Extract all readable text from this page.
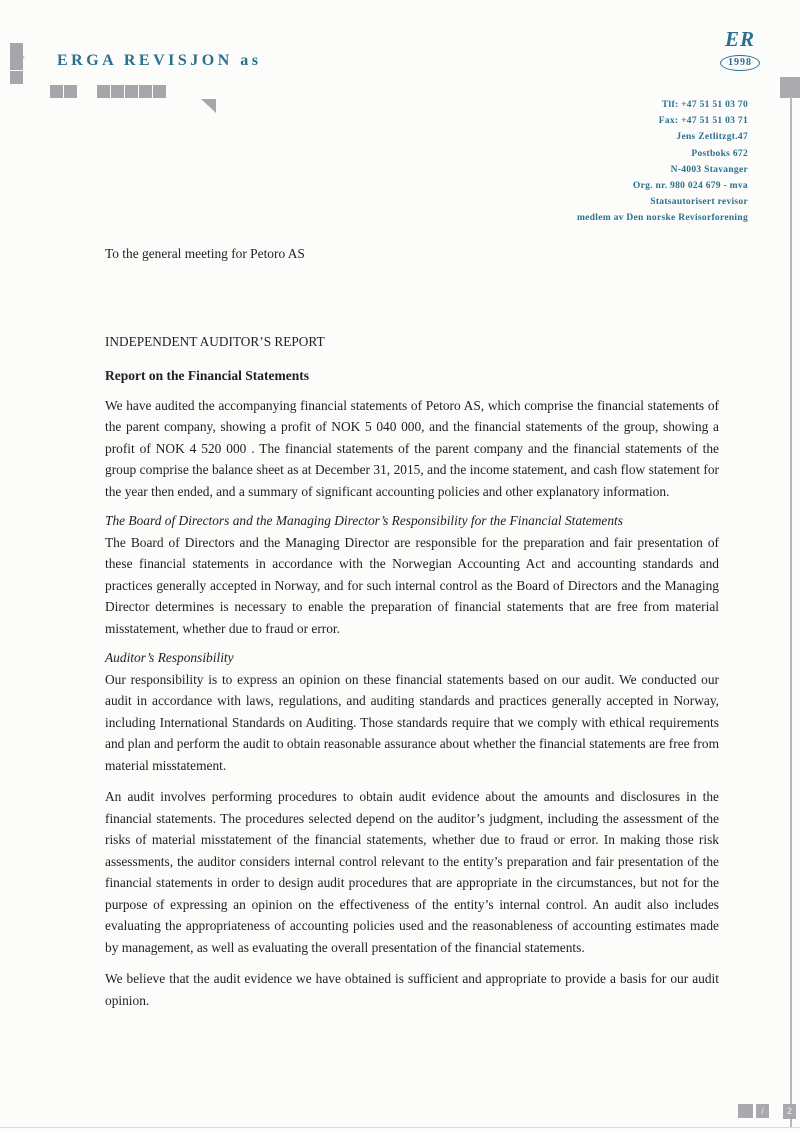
ERGA REVISJON as
ER
1998
Tlf: +47 51 51 03 70
Fax: +47 51 51 03 71
Jens Zetlitzgt.47
Postboks 672
N-4003 Stavanger
Org. nr. 980 024 679 - mva
Statsautorisert revisor
medlem av Den norske Revisorforening

To the general meeting for Petoro AS

INDEPENDENT AUDITOR’S REPORT
Report on the Financial Statements

We have audited the accompanying financial statements of Petoro AS, which comprise the financial statements of the parent company, showing a profit of NOK 5 040 000, and the financial statements of the group, showing a profit of NOK 4 520 000 . The financial statements of the parent company and the financial statements of the group comprise the balance sheet as at December 31, 2015, and the income statement, and cash flow statement for the year then ended, and a summary of significant accounting policies and other explanatory information.

The Board of Directors and the Managing Director’s Responsibility for the Financial Statements
The Board of Directors and the Managing Director are responsible for the preparation and fair presentation of these financial statements in accordance with the Norwegian Accounting Act and accounting standards and practices generally accepted in Norway, and for such internal control as the Board of Directors and the Managing Director determines is necessary to enable the preparation of financial statements that are free from material misstatement, whether due to fraud or error.
Auditor’s Responsibility
Our responsibility is to express an opinion on these financial statements based on our audit. We conducted our audit in accordance with laws, regulations, and auditing standards and practices generally accepted in Norway, including International Standards on Auditing. Those standards require that we comply with ethical requirements and plan and perform the audit to obtain reasonable assurance about whether the financial statements are free from material misstatement.

An audit involves performing procedures to obtain audit evidence about the amounts and disclosures in the financial statements. The procedures selected depend on the auditor’s judgment, including the assessment of the risks of material misstatement of the financial statements, whether due to fraud or error. In making those risk assessments, the auditor considers internal control relevant to the entity’s preparation and fair presentation of the financial statements in order to design audit procedures that are appropriate in the circumstances, but not for the purpose of expressing an opinion on the effectiveness of the entity’s internal control. An audit also includes evaluating the appropriateness of accounting policies used and the reasonableness of accounting estimates made by management, as well as evaluating the overall presentation of the financial statements.

We believe that the audit evidence we have obtained is sufficient and appropriate to provide a basis for our audit opinion.

/	2
